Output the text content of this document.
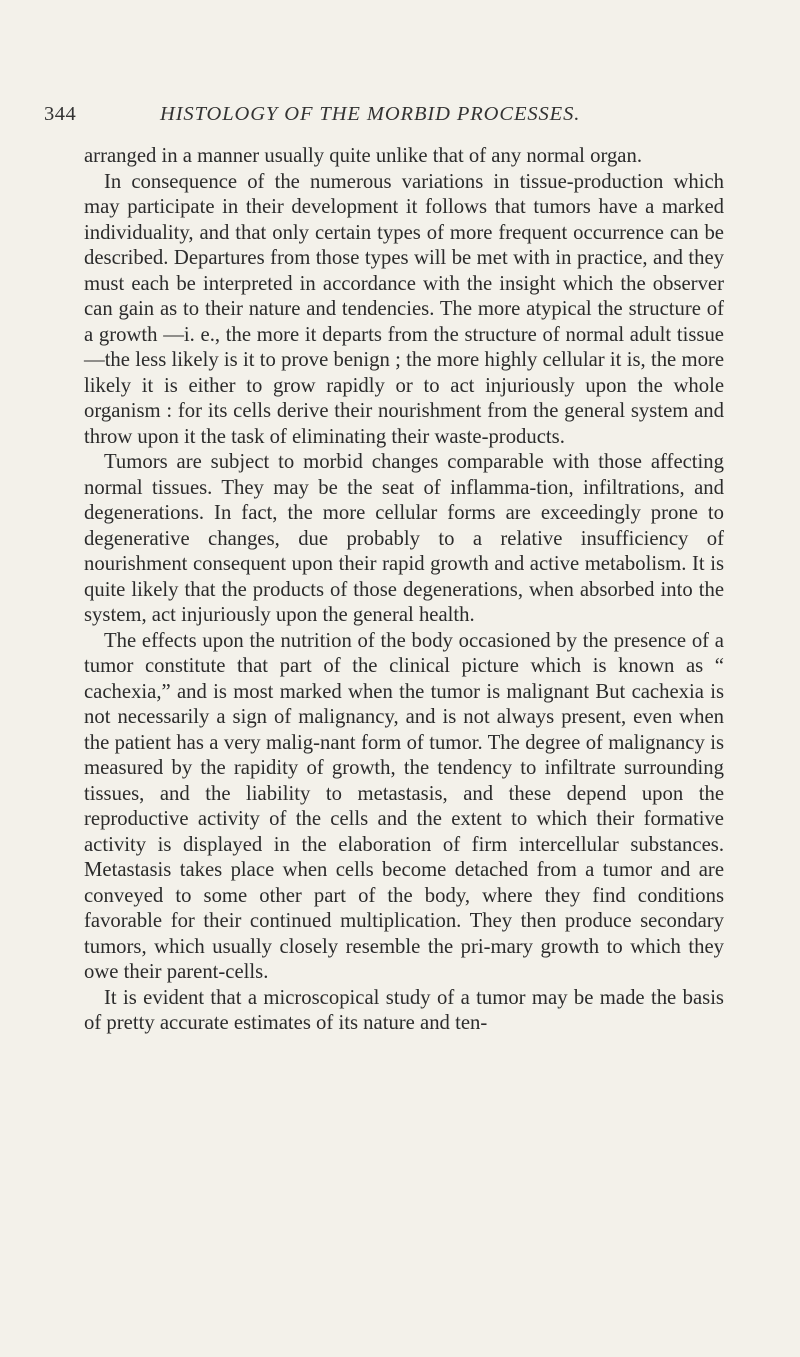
344	HISTOLOGY OF THE MORBID PROCESSES.

arranged in a manner usually quite unlike that of any normal organ.

In consequence of the numerous variations in tissue-production which may participate in their development it follows that tumors have a marked individuality, and that only certain types of more frequent occurrence can be described. Departures from those types will be met with in practice, and they must each be interpreted in accordance with the insight which the observer can gain as to their nature and tendencies. The more atypical the structure of a growth —i. e., the more it departs from the structure of normal adult tissue —the less likely is it to prove benign ; the more highly cellular it is, the more likely it is either to grow rapidly or to act injuriously upon the whole organism : for its cells derive their nourishment from the general system and throw upon it the task of eliminating their waste-products.

Tumors are subject to morbid changes comparable with those affecting normal tissues. They may be the seat of inflamma-tion, infiltrations, and degenerations. In fact, the more cellular forms are exceedingly prone to degenerative changes, due probably to a relative insufficiency of nourishment consequent upon their rapid growth and active metabolism. It is quite likely that the products of those degenerations, when absorbed into the system, act injuriously upon the general health.

The effects upon the nutrition of the body occasioned by the presence of a tumor constitute that part of the clinical picture which is known as “ cachexia,” and is most marked when the tumor is malignant But cachexia is not necessarily a sign of malignancy, and is not always present, even when the patient has a very malig-nant form of tumor. The degree of malignancy is measured by the rapidity of growth, the tendency to infiltrate surrounding tissues, and the liability to metastasis, and these depend upon the reproductive activity of the cells and the extent to which their formative activity is displayed in the elaboration of firm intercellular substances. Metastasis takes place when cells become detached from a tumor and are conveyed to some other part of the body, where they find conditions favorable for their continued multiplication. They then produce secondary tumors, which usually closely resemble the pri-mary growth to which they owe their parent-cells.

It is evident that a microscopical study of a tumor may be made the basis of pretty accurate estimates of its nature and ten-
